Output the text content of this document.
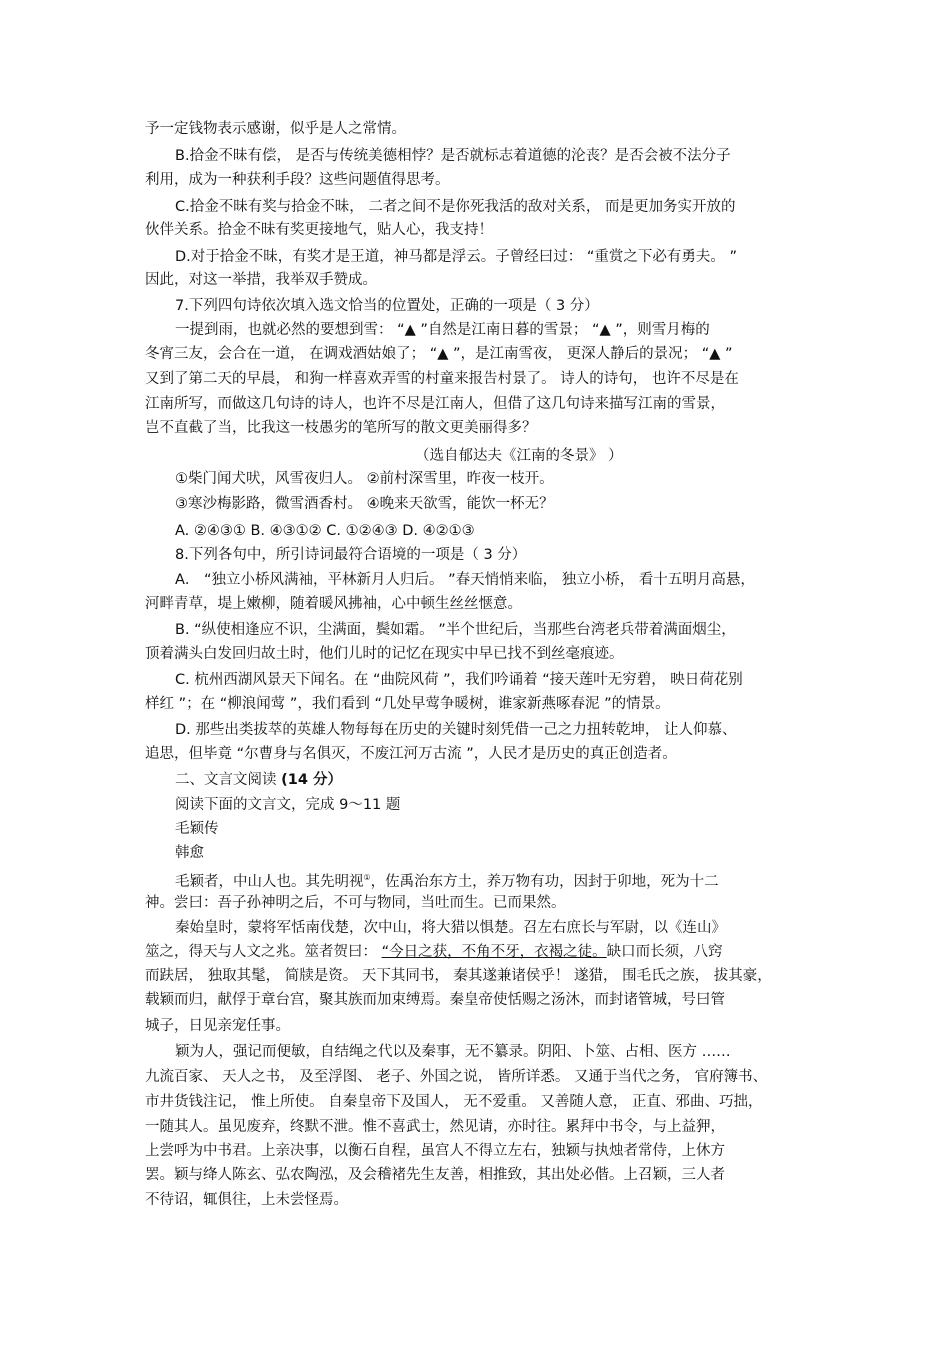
予一定钱物表示感谢，似乎是人之常情。
B.拾金不昧有偿， 是否与传统美德相悖？是否就标志着道德的沦丧？是否会被不法分子
利用，成为一种获利手段？这些问题值得思考。
C.拾金不昧有奖与拾金不昧， 二者之间不是你死我活的敌对关系， 而是更加务实开放的
伙伴关系。拾金不昧有奖更接地气，贴人心，我支持！
D.对于拾金不昧，有奖才是王道，神马都是浮云。子曾经曰过： “重赏之下必有勇夫。 ”
因此，对这一举措，我举双手赞成。
7.下列四句诗依次填入选文恰当的位置处，正确的一项是（ 3 分）
一提到雨，也就必然的要想到雪： “▲ ”自然是江南日暮的雪景； “▲ ”，则雪月梅的
冬宵三友，会合在一道， 在调戏酒姑娘了； “▲ ”，是江南雪夜， 更深人静后的景况； “▲ ”
又到了第二天的早晨， 和狗一样喜欢弄雪的村童来报告村景了。 诗人的诗句， 也许不尽是在
江南所写，而做这几句诗的诗人，也许不尽是江南人，但借了这几句诗来描写江南的雪景，
岂不直截了当，比我这一枝愚劣的笔所写的散文更美丽得多？
（选自郁达夫《江南的冬景》 ）
①柴门闻犬吠，风雪夜归人。 ②前村深雪里，昨夜一枝开。
③寒沙梅影路，微雪酒香村。 ④晚来天欲雪，能饮一杯无？
A. ②④③① B. ④③①② C. ①②④③ D. ④②①③
8.下列各句中，所引诗词最符合语境的一项是（ 3 分）
A． “独立小桥风满袖，平林新月人归后。 ”春天悄悄来临， 独立小桥， 看十五明月高悬，
河畔青草，堤上嫩柳，随着暖风拂袖，心中顿生丝丝惬意。
B. “纵使相逢应不识，尘满面，鬓如霜。 ”半个世纪后，当那些台湾老兵带着满面烟尘，
顶着满头白发回归故土时，他们儿时的记忆在现实中早已找不到丝毫痕迹。
C. 杭州西湖风景天下闻名。在 “曲院风荷 ”，我们吟诵着 “接天莲叶无穷碧， 映日荷花别
样红 ”；在 “柳浪闻莺 ”，我们看到 “几处早莺争暖树，谁家新燕啄春泥 ”的情景。
D. 那些出类拔萃的英雄人物每每在历史的关键时刻凭借一己之力扭转乾坤， 让人仰慕、
追思，但毕竟 “尔曹身与名俱灭，不废江河万古流 ”，人民才是历史的真正创造者。
二、文言文阅读 (14 分）
阅读下面的文言文，完成 9～11 题
毛颖传
韩愈
毛颖者，中山人也。其先明视①，佐禹治东方土，养万物有功，因封于卯地，死为十二
神。尝曰：吾子孙神明之后，不可与物同，当吐而生。已而果然。
秦始皇时，蒙将军恬南伐楚，次中山，将大猎以惧楚。召左右庶长与军尉，以《连山》
筮之，得天与人文之兆。筮者贺曰： “今日之获，不角不牙，衣褐之徒。缺口而长须，八窍
而趺居， 独取其髦， 简牍是资。 天下其同书， 秦其遂兼诸侯乎！ 遂猎， 围毛氏之族， 拔其豪，
载颖而归，献俘于章台宫，聚其族而加束缚焉。秦皇帝使恬赐之汤沐，而封诸管城，号曰管
城子，日见亲宠任事。
颖为人，强记而便敏，自结绳之代以及秦事，无不纂录。阴阳、卜筮、占相、医方 ……
九流百家、 天人之书， 及至浮图、 老子、外国之说， 皆所详悉。 又通于当代之务， 官府簿书、
市井货钱注记， 惟上所使。 自秦皇帝下及国人， 无不爱重。 又善随人意， 正直、邪曲、巧拙，
一随其人。虽见废弃，终默不泄。惟不喜武士，然见请，亦时往。累拜中书令，与上益狎，
上尝呼为中书君。上亲决事，以衡石自程，虽宫人不得立左右，独颖与执烛者常侍，上休方
罢。颖与绛人陈玄、弘农陶泓，及会稽褚先生友善，相推致，其出处必偕。上召颖，三人者
不待诏，辄俱往，上未尝怪焉。
